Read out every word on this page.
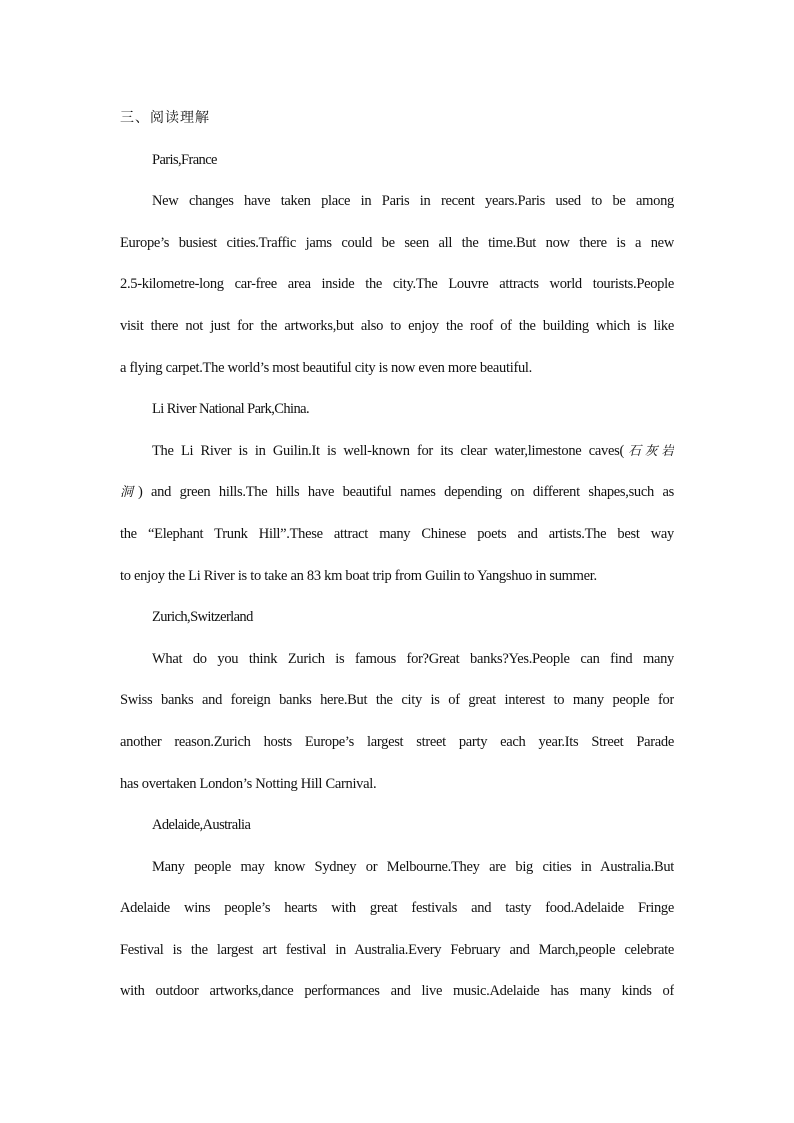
三、阅读理解
Paris,France
New changes have taken place in Paris in recent years.Paris used to be among
Europe’s busiest cities.Traffic jams could be seen all the time.But now there is a new
2.5-kilometre-long car-free area inside the city.The Louvre attracts world tourists.People
visit there not just for the artworks,but also to enjoy the roof of the building which is like
a flying carpet.The world’s most beautiful city is now even more beautiful.
Li River National Park,China.
The Li River is in Guilin.It is well-known for its clear water,limestone caves(石灰岩
洞) and green hills.The hills have beautiful names depending on different shapes,such as
the “Elephant Trunk Hill”.These attract many Chinese poets and artists.The best way
to enjoy the Li River is to take an 83 km boat trip from Guilin to Yangshuo in summer.
Zurich,Switzerland
What do you think Zurich is famous for?Great banks?Yes.People can find many
Swiss banks and foreign banks here.But the city is of great interest to many people for
another reason.Zurich hosts Europe’s largest street party each year.Its Street Parade
has overtaken London’s Notting Hill Carnival.
Adelaide,Australia
Many people may know Sydney or Melbourne.They are big cities in Australia.But
Adelaide wins people’s hearts with great festivals and tasty food.Adelaide Fringe
Festival is the largest art festival in Australia.Every February and March,people celebrate
with outdoor artworks,dance performances and live music.Adelaide has many kinds of
